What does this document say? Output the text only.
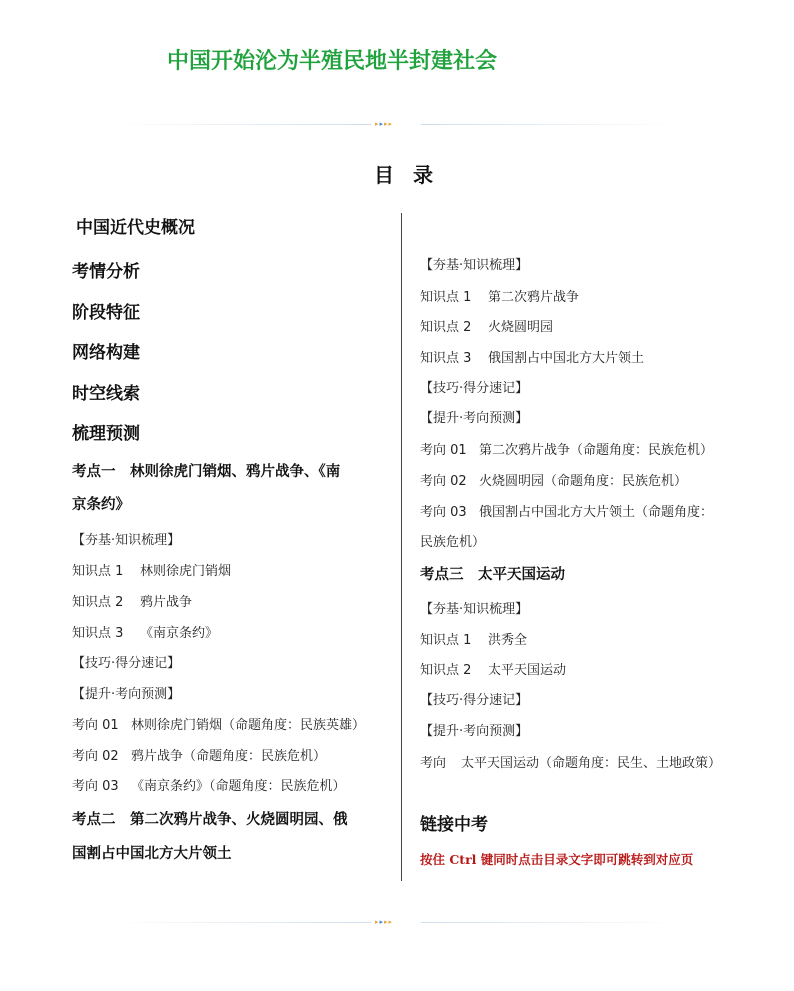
中国开始沦为半殖民地半封建社会
▸▸▸▸
目 录
中国近代史概况
考情分析
阶段特征
网络构建
时空线索
梳理预测
考点一　林则徐虎门销烟、鸦片战争、《南
京条约》
【夯基·知识梳理】
知识点 1 林则徐虎门销烟
知识点 2 鸦片战争
知识点 3 《南京条约》
【技巧·得分速记】
【提升·考向预测】
考向 01 林则徐虎门销烟（命题角度：民族英雄）
考向 02 鸦片战争（命题角度：民族危机）
考向 03 《南京条约》（命题角度：民族危机）
考点二　第二次鸦片战争、火烧圆明园、俄
国割占中国北方大片领土
【夯基·知识梳理】
知识点 1 第二次鸦片战争
知识点 2 火烧圆明园
知识点 3 俄国割占中国北方大片领土
【技巧·得分速记】
【提升·考向预测】
考向 01 第二次鸦片战争（命题角度：民族危机）
考向 02 火烧圆明园（命题角度：民族危机）
考向 03 俄国割占中国北方大片领土（命题角度：
民族危机）
考点三　太平天国运动
【夯基·知识梳理】
知识点 1 洪秀全
知识点 2 太平天国运动
【技巧·得分速记】
【提升·考向预测】
考向 太平天国运动（命题角度：民生、土地政策）
链接中考
按住 Ctrl 键同时点击目录文字即可跳转到对应页
▸▸▸▸
